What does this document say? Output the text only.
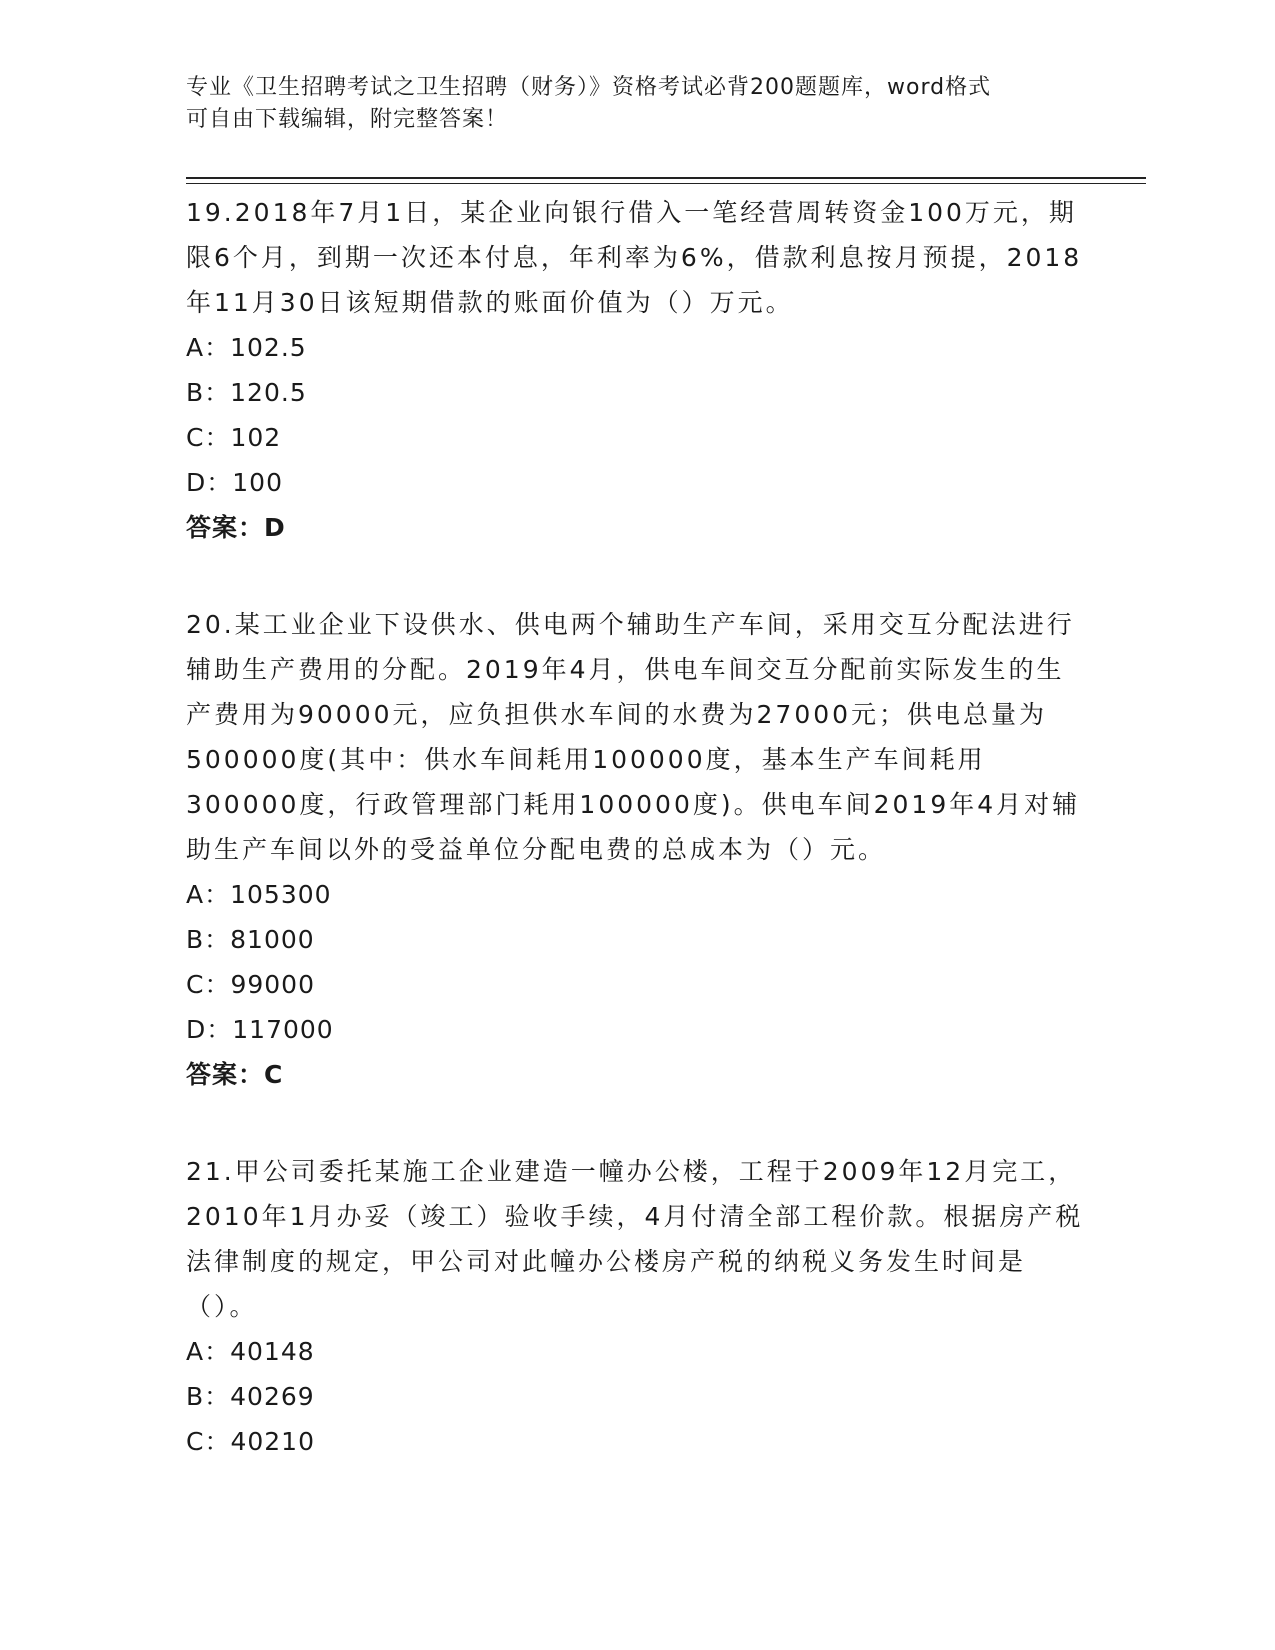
专业《卫生招聘考试之卫生招聘（财务）》资格考试必背200题题库，word格式
可自由下载编辑，附完整答案！

19.2018年7月1日，某企业向银行借入一笔经营周转资金100万元，期限6个月，到期一次还本付息，年利率为6%，借款利息按月预提，2018年11月30日该短期借款的账面价值为（）万元。

A：102.5

B：120.5

C：102

D：100

答案：D

20.某工业企业下设供水、供电两个辅助生产车间，采用交互分配法进行辅助生产费用的分配。2019年4月，供电车间交互分配前实际发生的生产费用为90000元，应负担供水车间的水费为27000元；供电总量为500000度(其中：供水车间耗用100000度，基本生产车间耗用300000度，行政管理部门耗用100000度)。供电车间2019年4月对辅助生产车间以外的受益单位分配电费的总成本为（）元。

A：105300

B：81000

C：99000

D：117000

答案：C

21.甲公司委托某施工企业建造一幢办公楼，工程于2009年12月完工，2010年1月办妥（竣工）验收手续，4月付清全部工程价款。根据房产税法律制度的规定，甲公司对此幢办公楼房产税的纳税义务发生时间是（）。

A：40148

B：40269

C：40210
